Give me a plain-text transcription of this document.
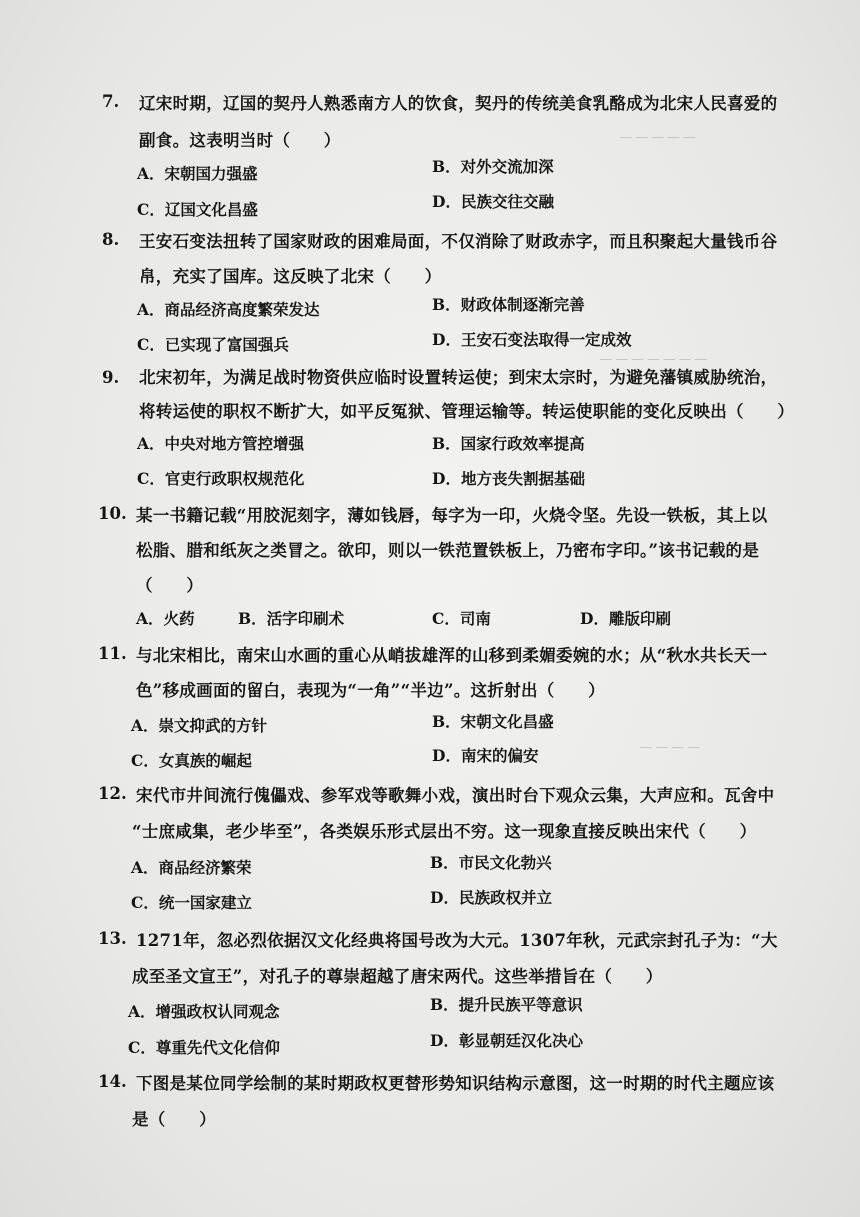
― ― ― ― ―
― ― ― ― ― ― ―
― ― ― ―
7. 辽宋时期，辽国的契丹人熟悉南方人的饮食，契丹的传统美食乳酪成为北宋人民喜爱的
副食。这表明当时（　　）
A．宋朝国力强盛	B．对外交流加深
C．辽国文化昌盛	D．民族交往交融
8. 王安石变法扭转了国家财政的困难局面，不仅消除了财政赤字，而且积聚起大量钱币谷
帛，充实了国库。这反映了北宋（　　）
A．商品经济高度繁荣发达	B．财政体制逐渐完善
C．已实现了富国强兵	D．王安石变法取得一定成效
9. 北宋初年，为满足战时物资供应临时设置转运使；到宋太宗时，为避免藩镇威胁统治，
将转运使的职权不断扩大，如平反冤狱、管理运输等。转运使职能的变化反映出（　　）
A．中央对地方管控增强	B．国家行政效率提高
C．官吏行政职权规范化	D．地方丧失割据基础
10. 某一书籍记载“用胶泥刻字，薄如钱唇，每字为一印，火烧令坚。先设一铁板，其上以
松脂、腊和纸灰之类冒之。欲印，则以一铁范置铁板上，乃密布字印。”该书记载的是
（　　）
A．火药	B．活字印刷术	C．司南	D．雕版印刷
11. 与北宋相比，南宋山水画的重心从峭拔雄浑的山移到柔媚委婉的水；从“秋水共长天一
色”移成画面的留白，表现为“一角”“半边”。这折射出（　　）
A．崇文抑武的方针	B．宋朝文化昌盛
C．女真族的崛起	D．南宋的偏安
12. 宋代市井间流行傀儡戏、参军戏等歌舞小戏，演出时台下观众云集，大声应和。瓦舍中
“士庶咸集，老少毕至”，各类娱乐形式层出不穷。这一现象直接反映出宋代（　　）
A．商品经济繁荣	B．市民文化勃兴
C．统一国家建立	D．民族政权并立
13. 1271年，忽必烈依据汉文化经典将国号改为大元。1307年秋，元武宗封孔子为：“大
成至圣文宣王”，对孔子的尊崇超越了唐宋两代。这些举措旨在（　　）
A．增强政权认同观念	B．提升民族平等意识
C．尊重先代文化信仰	D．彰显朝廷汉化决心
14. 下图是某位同学绘制的某时期政权更替形势知识结构示意图，这一时期的时代主题应该
是（　　）
